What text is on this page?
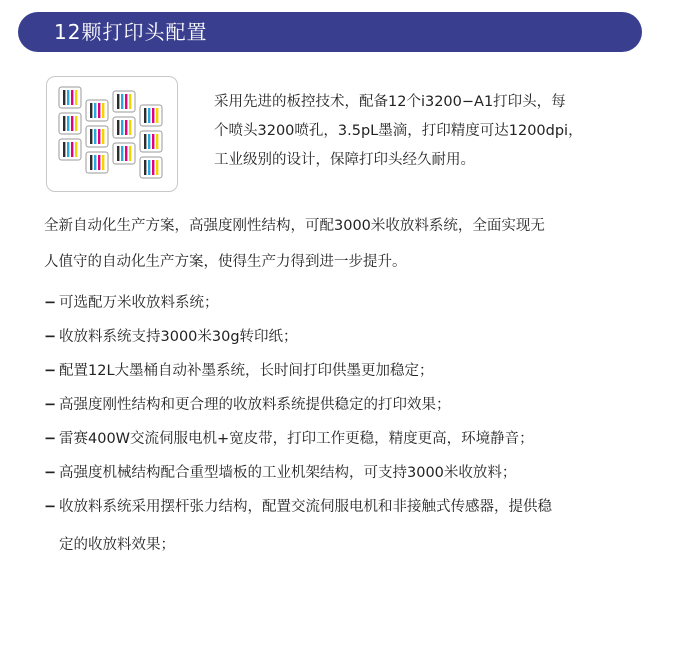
12颗打印头配置

采用先进的板控技术，配备12个i3200−A1打印头，每

个喷头3200喷孔，3.5pL墨滴，打印精度可达1200dpi，

工业级别的设计，保障打印头经久耐用。

全新自动化生产方案，高强度刚性结构，可配3000米收放料系统，全面实现无

人值守的自动化生产方案，使得生产力得到进一步提升。

− 可选配万米收放料系统；
− 收放料系统支持3000米30g转印纸；
− 配置12L大墨桶自动补墨系统，长时间打印供墨更加稳定；
− 高强度刚性结构和更合理的收放料系统提供稳定的打印效果；
− 雷赛400W交流伺服电机+宽皮带，打印工作更稳，精度更高，环境静音；
− 高强度机械结构配合重型墙板的工业机架结构，可支持3000米收放料；
− 收放料系统采用摆杆张力结构，配置交流伺服电机和非接触式传感器，提供稳
定的收放料效果；
